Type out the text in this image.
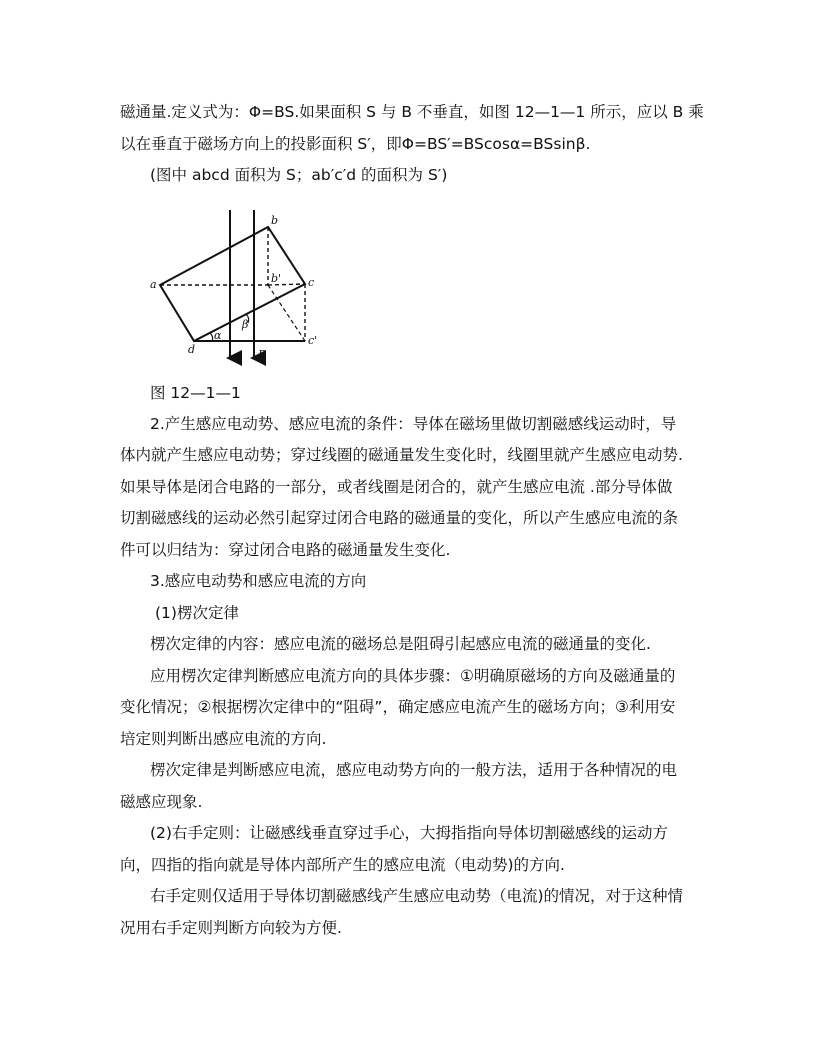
磁通量.定义式为：Φ=BS.如果面积 S 与 B 不垂直，如图 12—1—1 所示，应以 B 乘
以在垂直于磁场方向上的投影面积 S′，即Φ=BS′=BScosα=BSsinβ.
(图中 abcd 面积为 S；ab′c′d 的面积为 S′)
a
b
b' c
c'
d
α
β
B
图 12—1—1
2.产生感应电动势、感应电流的条件：导体在磁场里做切割磁感线运动时，导
体内就产生感应电动势；穿过线圈的磁通量发生变化时，线圈里就产生感应电动势.
如果导体是闭合电路的一部分，或者线圈是闭合的，就产生感应电流 .部分导体做
切割磁感线的运动必然引起穿过闭合电路的磁通量的变化，所以产生感应电流的条
件可以归结为：穿过闭合电路的磁通量发生变化.
3.感应电动势和感应电流的方向
(1)楞次定律
楞次定律的内容：感应电流的磁场总是阻碍引起感应电流的磁通量的变化.
应用楞次定律判断感应电流方向的具体步骤：①明确原磁场的方向及磁通量的
变化情况；②根据楞次定律中的“阻碍”，确定感应电流产生的磁场方向；③利用安
培定则判断出感应电流的方向.
楞次定律是判断感应电流，感应电动势方向的一般方法，适用于各种情况的电
磁感应现象.
(2)右手定则：让磁感线垂直穿过手心，大拇指指向导体切割磁感线的运动方
向，四指的指向就是导体内部所产生的感应电流（电动势)的方向.
右手定则仅适用于导体切割磁感线产生感应电动势（电流)的情况，对于这种情
况用右手定则判断方向较为方便.
